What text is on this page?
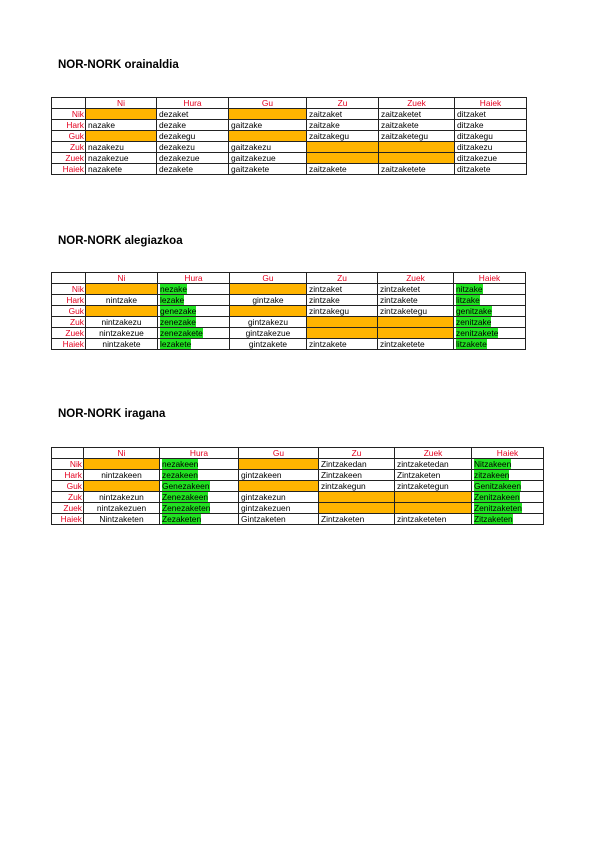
NOR-NORK orainaldia
	Ni	Hura	Gu	Zu	Zuek	Haiek
Nik		dezaket		zaitzaket	zaitzaketet	ditzaket
Hark	nazake	dezake	gaitzake	zaitzake	zaitzakete	ditzake
Guk		dezakegu		zaitzakegu	zaitzaketegu	ditzakegu
Zuk	nazakezu	dezakezu	gaitzakezu			ditzakezu
Zuek	nazakezue	dezakezue	gaitzakezue			ditzakezue
Haiek	nazakete	dezakete	gaitzakete	zaitzakete	zaitzaketete	ditzakete
NOR-NORK alegiazkoa
	Ni	Hura	Gu	Zu	Zuek	Haiek
Nik		nezake		zintzaket	zintzaketet	nitzake
Hark	nintzake	lezake	gintzake	zintzake	zintzakete	litzake
Guk		genezake		zintzakegu	zintzaketegu	genitzake
Zuk	nintzakezu	zenezake	gintzakezu			zenitzake
Zuek	nintzakezue	zenezakete	gintzakezue			zenitzakete
Haiek	nintzakete	lezakete	gintzakete	zintzakete	zintzaketete	litzakete
NOR-NORK iragana
	Ni	Hura	Gu	Zu	Zuek	Haiek
Nik		nezakeen		Zintzakedan	zintzaketedan	Nitzakeen
Hark	nintzakeen	zezakeen	gintzakeen	Zintzakeen	Zintzaketen	zitzakeen
Guk		Genezakeen		zintzakegun	zintzaketegun	Genitzakeen
Zuk	nintzakezun	Zenezakeen	gintzakezun			Zenitzakeen
Zuek	nintzakezuen	Zenezaketen	gintzakezuen			Zenitzaketen
Haiek	Nintzaketen	Zezaketen	Gintzaketen	Zintzaketen	zintzaketeten	Zitzaketen
